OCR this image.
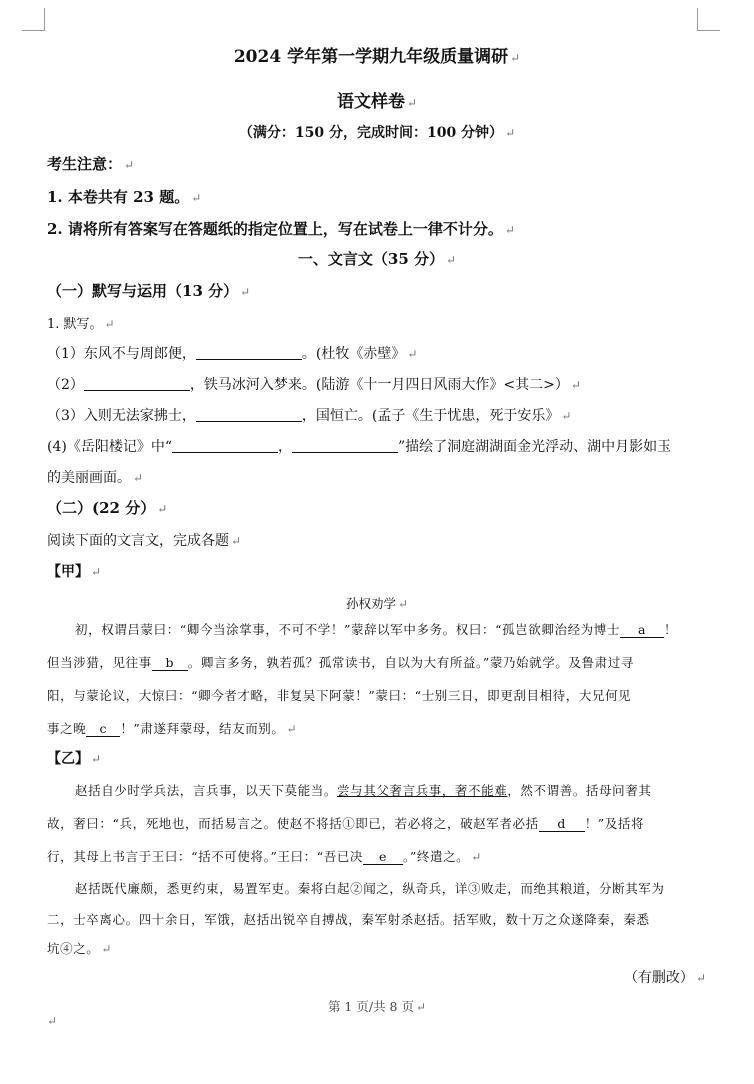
2024 学年第一学期九年级质量调研 ↵
语文样卷 ↵
（满分：150 分，完成时间：100 分钟） ↵
考生注意： ↵
1. 本卷共有 23 题。 ↵
2. 请将所有答案写在答题纸的指定位置上，写在试卷上一律不计分。 ↵
一、文言文（35 分） ↵
（一）默写与运用（13 分） ↵
1. 默写。 ↵
（1）东风不与周郎便，	。(杜牧《赤壁》 ↵
（2）	，铁马冰河入梦来。(陆游《十一月四日风雨大作》<其二>） ↵
（3）入则无法家拂士，	，国恒亡。(孟子《生于忧患，死于安乐》 ↵
(4)《岳阳楼记》中“	，	”描绘了洞庭湖湖面金光浮动、湖中月影如玉
的美丽画面。 ↵
（二）(22 分） ↵
阅读下面的文言文，完成各题 ↵
【甲】 ↵
孙权劝学 ↵
初，权谓吕蒙曰：“卿今当涂掌事，不可不学！”蒙辞以军中多务。权曰：“孤岂欲卿治经为博士 a ！
但当涉猎，见往事 b 。卿言多务，孰若孤？孤常读书，自以为大有所益。”蒙乃始就学。及鲁肃过寻
阳，与蒙论议，大惊曰：“卿今者才略，非复吴下阿蒙！”蒙曰：“士别三日，即更刮目相待，大兄何见
事之晚 c ！”肃遂拜蒙母，结友而别。 ↵
【乙】 ↵
赵括自少时学兵法，言兵事，以天下莫能当。尝与其父奢言兵事，奢不能难，然不谓善。括母问奢其
故，奢曰：“兵，死地也，而括易言之。使赵不将括①即已，若必将之，破赵军者必括 d ！”及括将
行，其母上书言于王曰：“括不可使将。”王曰：“吾已决 e 。”终遣之。 ↵
赵括既代廉颇，悉更约束，易置军吏。秦将白起②闻之，纵奇兵，详③败走，而绝其粮道，分断其军为
二，士卒离心。四十余日，军饿，赵括出锐卒自搏战，秦军射杀赵括。括军败，数十万之众遂降秦，秦悉
坑④之。 ↵
（有删改） ↵
第 1 页/共 8 页 ↵
↵
